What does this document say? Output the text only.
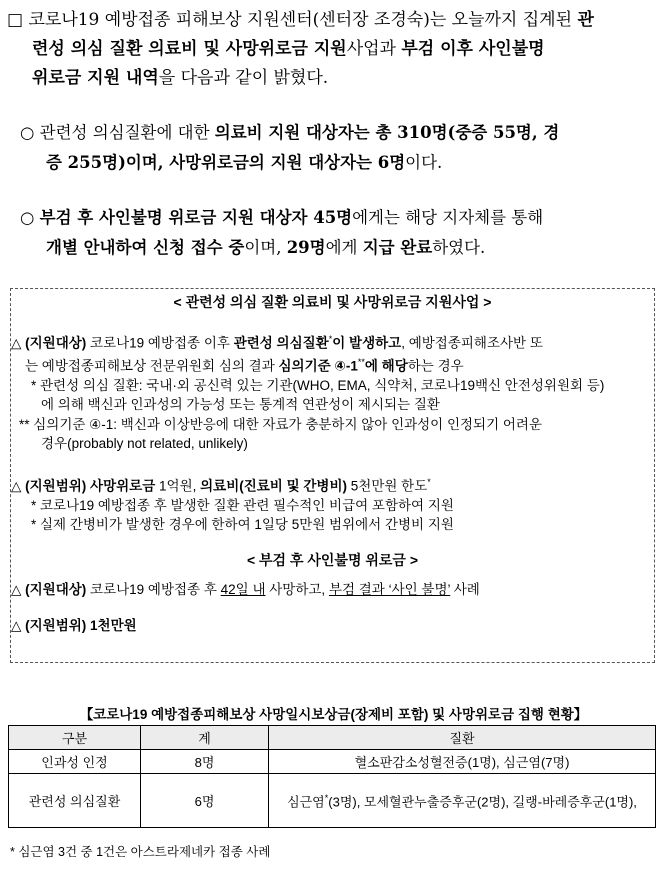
□ 코로나19 예방접종 피해보상 지원센터(센터장 조경숙)는 오늘까지 집계된 관
련성 의심 질환 의료비 및 사망위로금 지원사업과 부검 이후 사인불명
위로금 지원 내역을 다음과 같이 밝혔다.
○ 관련성 의심질환에 대한 의료비 지원 대상자는 총 310명(중증 55명, 경
증 255명)이며, 사망위로금의 지원 대상자는 6명이다.
○ 부검 후 사인불명 위로금 지원 대상자 45명에게는 해당 지자체를 통해
개별 안내하여 신청 접수 중이며, 29명에게 지급 완료하였다.
< 관련성 의심 질환 의료비 및 사망위로금 지원사업 >
△ (지원대상) 코로나19 예방접종 이후 관련성 의심질환*이 발생하고, 예방접종피해조사반 또
는 예방접종피해보상 전문위원회 심의 결과 심의기준 ④-1**에 해당하는 경우
* 관련성 의심 질환: 국내·외 공신력 있는 기관(WHO, EMA, 식약처, 코로나19백신 안전성위원회 등)
에 의해 백신과 인과성의 가능성 또는 통계적 연관성이 제시되는 질환
** 심의기준 ④-1: 백신과 이상반응에 대한 자료가 충분하지 않아 인과성이 인정되기 어려운
경우(probably not related, unlikely)
△ (지원범위) 사망위로금 1억원, 의료비(진료비 및 간병비) 5천만원 한도*
* 코로나19 예방접종 후 발생한 질환 관련 필수적인 비급여 포함하여 지원
* 실제 간병비가 발생한 경우에 한하여 1일당 5만원 범위에서 간병비 지원
< 부검 후 사인불명 위로금 >
△ (지원대상) 코로나19 예방접종 후 42일 내 사망하고, 부검 결과 ‘사인 불명’ 사례
△ (지원범위) 1천만원
【코로나19 예방접종피해보상 사망일시보상금(장제비 포함) 및 사망위로금 집행 현황】
구분	계	질환
인과성 인정	8명	혈소판감소성혈전증(1명), 심근염(7명)
관련성 의심질환	6명	심근염*(3명), 모세혈관누출증후군(2명), 길랭-바레증후군(1명),
* 심근염 3건 중 1건은 아스트라제네카 접종 사례
